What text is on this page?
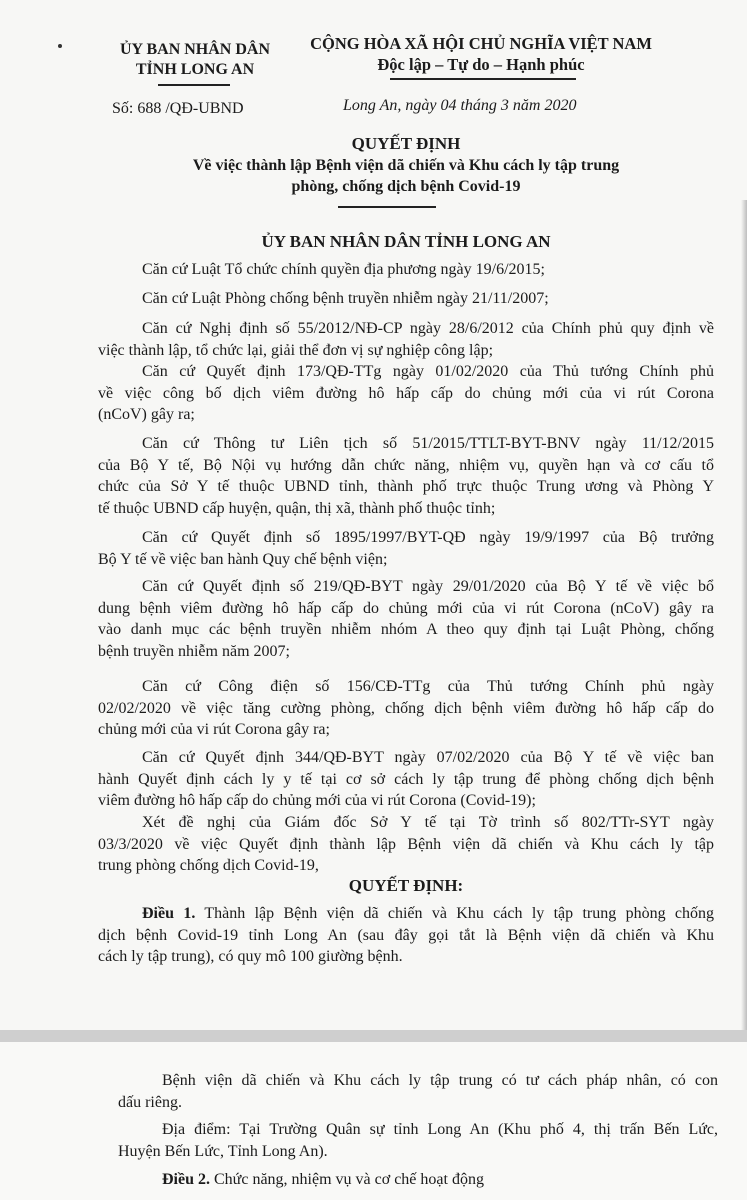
ỦY BAN NHÂN DÂN
TỈNH LONG AN
CỘNG HÒA XÃ HỘI CHỦ NGHĨA VIỆT NAM
Độc lập – Tự do – Hạnh phúc
Số: 688 /QĐ-UBND	Long An, ngày 04 tháng 3 năm 2020
QUYẾT ĐỊNH
Về việc thành lập Bệnh viện dã chiến và Khu cách ly tập trung
phòng, chống dịch bệnh Covid-19
ỦY BAN NHÂN DÂN TỈNH LONG AN
Căn cứ Luật Tổ chức chính quyền địa phương ngày 19/6/2015;
Căn cứ Luật Phòng chống bệnh truyền nhiễm ngày 21/11/2007;
Căn cứ Nghị định số 55/2012/NĐ-CP ngày 28/6/2012 của Chính phủ quy định về
việc thành lập, tổ chức lại, giải thể đơn vị sự nghiệp công lập;
Căn cứ Quyết định 173/QĐ-TTg ngày 01/02/2020 của Thủ tướng Chính phủ
về việc công bố dịch viêm đường hô hấp cấp do chủng mới của vi rút Corona
(nCoV) gây ra;
Căn cứ Thông tư Liên tịch số 51/2015/TTLT-BYT-BNV ngày 11/12/2015
của Bộ Y tế, Bộ Nội vụ hướng dẫn chức năng, nhiệm vụ, quyền hạn và cơ cấu tổ
chức của Sở Y tế thuộc UBND tỉnh, thành phố trực thuộc Trung ương và Phòng Y
tế thuộc UBND cấp huyện, quận, thị xã, thành phố thuộc tỉnh;
Căn cứ Quyết định số 1895/1997/BYT-QĐ ngày 19/9/1997 của Bộ trưởng
Bộ Y tế về việc ban hành Quy chế bệnh viện;
Căn cứ Quyết định số 219/QĐ-BYT ngày 29/01/2020 của Bộ Y tế về việc bổ
dung bệnh viêm đường hô hấp cấp do chủng mới của vi rút Corona (nCoV) gây ra
vào danh mục các bệnh truyền nhiễm nhóm A theo quy định tại Luật Phòng, chống
bệnh truyền nhiễm năm 2007;
Căn cứ Công điện số 156/CĐ-TTg của Thủ tướng Chính phủ ngày
02/02/2020 về việc tăng cường phòng, chống dịch bệnh viêm đường hô hấp cấp do
chủng mới của vi rút Corona gây ra;
Căn cứ Quyết định 344/QĐ-BYT ngày 07/02/2020 của Bộ Y tế về việc ban
hành Quyết định cách ly y tế tại cơ sở cách ly tập trung để phòng chống dịch bệnh
viêm đường hô hấp cấp do chủng mới của vi rút Corona (Covid-19);
Xét đề nghị của Giám đốc Sở Y tế tại Tờ trình số 802/TTr-SYT ngày
03/3/2020 về việc Quyết định thành lập Bệnh viện dã chiến và Khu cách ly tập
trung phòng chống dịch Covid-19,
QUYẾT ĐỊNH:
Điều 1. Thành lập Bệnh viện dã chiến và Khu cách ly tập trung phòng chống
dịch bệnh Covid-19 tỉnh Long An (sau đây gọi tắt là Bệnh viện dã chiến và Khu
cách ly tập trung), có quy mô 100 giường bệnh.
Bệnh viện dã chiến và Khu cách ly tập trung có tư cách pháp nhân, có con
dấu riêng.
Địa điểm: Tại Trường Quân sự tỉnh Long An (Khu phố 4, thị trấn Bến Lức,
Huyện Bến Lức, Tỉnh Long An).
Điều 2. Chức năng, nhiệm vụ và cơ chế hoạt động
